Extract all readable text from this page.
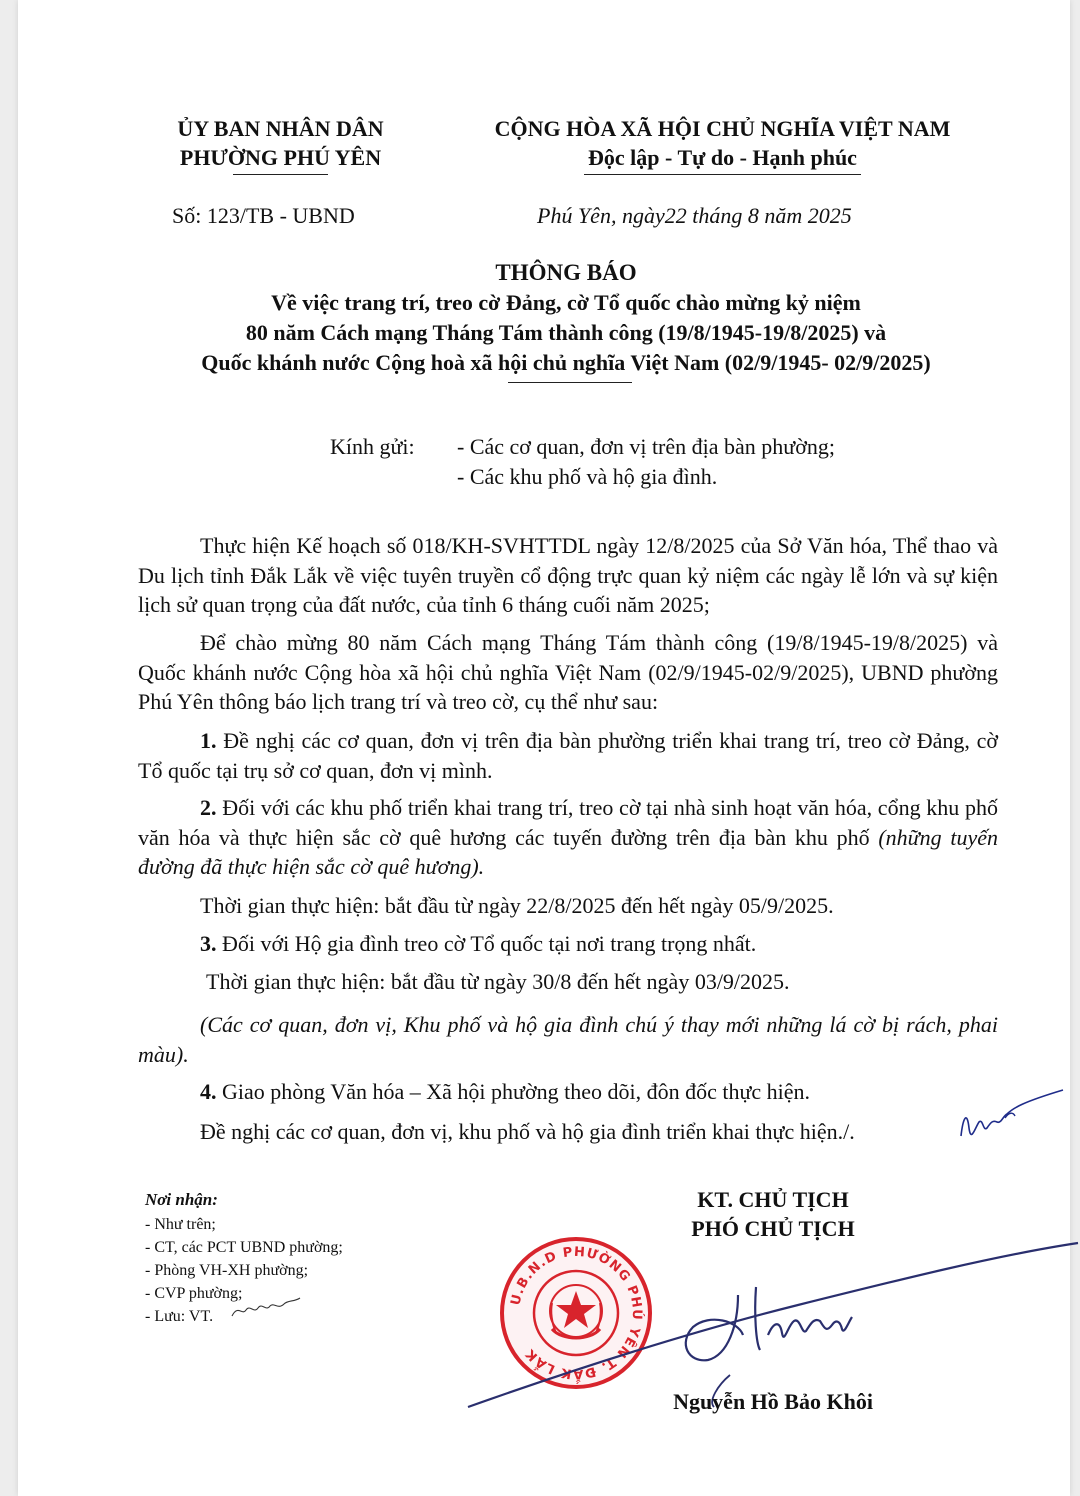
ỦY BAN NHÂN DÂN
PHƯỜNG PHÚ YÊN
CỘNG HÒA XÃ HỘI CHỦ NGHĨA VIỆT NAM
Độc lập - Tự do - Hạnh phúc
Số: 123/TB - UBND	Phú Yên, ngày22 tháng 8 năm 2025
THÔNG BÁO
Về việc trang trí, treo cờ Đảng, cờ Tổ quốc chào mừng kỷ niệm
80 năm Cách mạng Tháng Tám thành công (19/8/1945-19/8/2025) và
Quốc khánh nước Cộng hoà xã hội chủ nghĩa Việt Nam (02/9/1945- 02/9/2025)
Kính gửi: - Các cơ quan, đơn vị trên địa bàn phường;
- Các khu phố và hộ gia đình.
Thực hiện Kế hoạch số 018/KH-SVHTTDL ngày 12/8/2025 của Sở Văn hóa, Thể thao và Du lịch tỉnh Đắk Lắk về việc tuyên truyền cổ động trực quan kỷ niệm các ngày lễ lớn và sự kiện lịch sử quan trọng của đất nước, của tỉnh 6 tháng cuối năm 2025;
Để chào mừng 80 năm Cách mạng Tháng Tám thành công (19/8/1945-19/8/2025) và Quốc khánh nước Cộng hòa xã hội chủ nghĩa Việt Nam (02/9/1945-02/9/2025), UBND phường Phú Yên thông báo lịch trang trí và treo cờ, cụ thể như sau:
1. Đề nghị các cơ quan, đơn vị trên địa bàn phường triển khai trang trí, treo cờ Đảng, cờ Tổ quốc tại trụ sở cơ quan, đơn vị mình.
2. Đối với các khu phố triển khai trang trí, treo cờ tại nhà sinh hoạt văn hóa, cổng khu phố văn hóa và thực hiện sắc cờ quê hương các tuyến đường trên địa bàn khu phố (những tuyến đường đã thực hiện sắc cờ quê hương).
Thời gian thực hiện: bắt đầu từ ngày 22/8/2025 đến hết ngày 05/9/2025.
3. Đối với Hộ gia đình treo cờ Tổ quốc tại nơi trang trọng nhất.
Thời gian thực hiện: bắt đầu từ ngày 30/8 đến hết ngày 03/9/2025.
(Các cơ quan, đơn vị, Khu phố và hộ gia đình chú ý thay mới những lá cờ bị rách, phai màu).
4. Giao phòng Văn hóa – Xã hội phường theo dõi, đôn đốc thực hiện.
Đề nghị các cơ quan, đơn vị, khu phố và hộ gia đình triển khai thực hiện./.
Nơi nhận:
- Như trên;
- CT, các PCT UBND phường;
- Phòng VH-XH phường;
- CVP phường;
- Lưu: VT.
KT. CHỦ TỊCH
PHÓ CHỦ TỊCH
U.B.N.D PHƯỜNG PHÚ YÊN T. ĐẮK LẮK
Nguyễn Hồ Bảo Khôi
